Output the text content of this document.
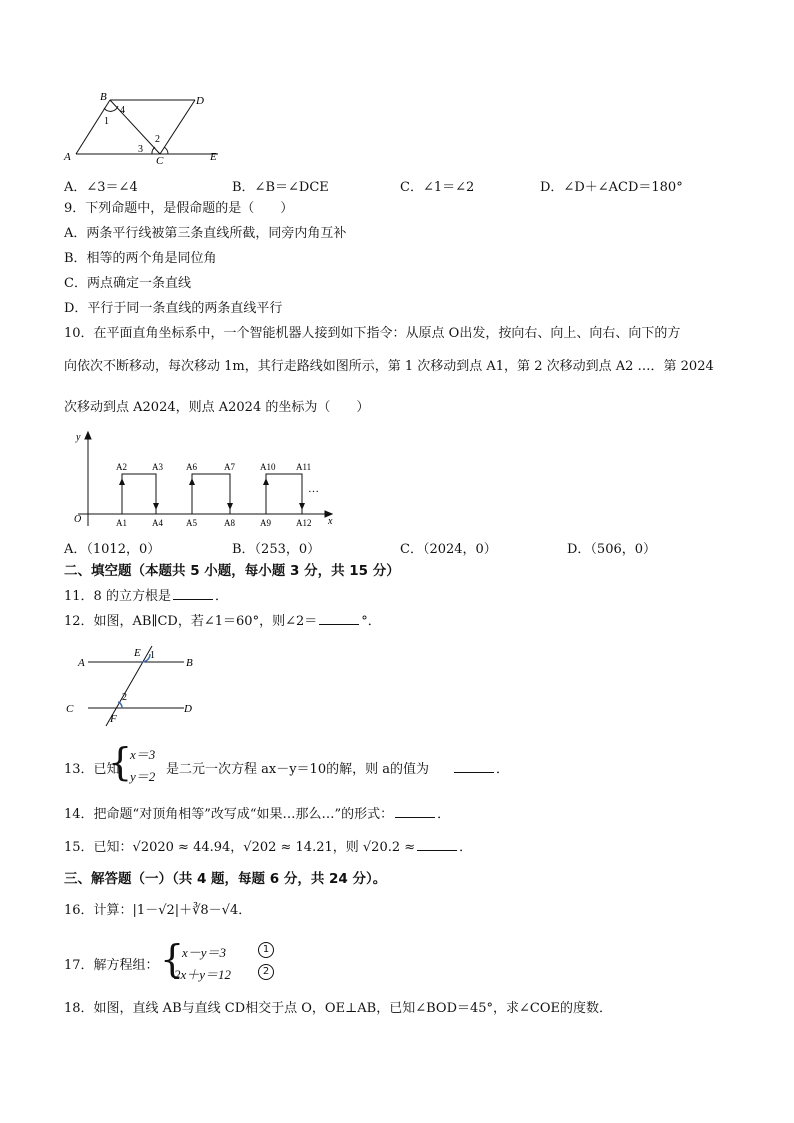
B	D
A	C	E
1
4
2
3
A．∠3＝∠4	B．∠B＝∠DCE	C．∠1＝∠2	D．∠D＋∠ACD＝180°
9．下列命题中，是假命题的是（　　）
A．两条平行线被第三条直线所截，同旁内角互补
B．相等的两个角是同位角
C．两点确定一条直线
D．平行于同一条直线的两条直线平行
10．在平面直角坐标系中，一个智能机器人接到如下指令：从原点 O出发，按向右、向上、向右、向下的方
向依次不断移动，每次移动 1m，其行走路线如图所示，第 1 次移动到点 A1，第 2 次移动到点 A2 …．第 2024
次移动到点 A2024，则点 A2024 的坐标为（　　）
y
x
O
A2	A3	A6	A7	A10 A11
A1	A4	A5	A8	A9	A12
…
A．（1012，0）	B．（253，0）	C．（2024，0）	D．（506，0）
二、填空题（本题共 5 小题，每小题 3 分，共 15 分）
11．8 的立方根是	．
12．如图，AB∥CD，若∠1＝60°，则∠2＝	°．
A	B
C	D
E
F
1
2
13．已知
{
x＝3
y＝2 是二元一次方程 ax－y＝10的解，则 a的值为	．
14．把命题“对顶角相等”改写成“如果…那么…”的形式：	．
15．已知：√2020 ≈ 44.94，√202 ≈ 14.21，则 √20.2 ≈	．
三、解答题（一）（共 4 题，每题 6 分，共 24 分）。
16．计算：|1－√2|＋∛8－√4．
17．解方程组： {
x－y＝3
2x＋y＝12
1
2
18．如图，直线 AB与直线 CD相交于点 O，OE⊥AB，已知∠BOD＝45°，求∠COE的度数．
